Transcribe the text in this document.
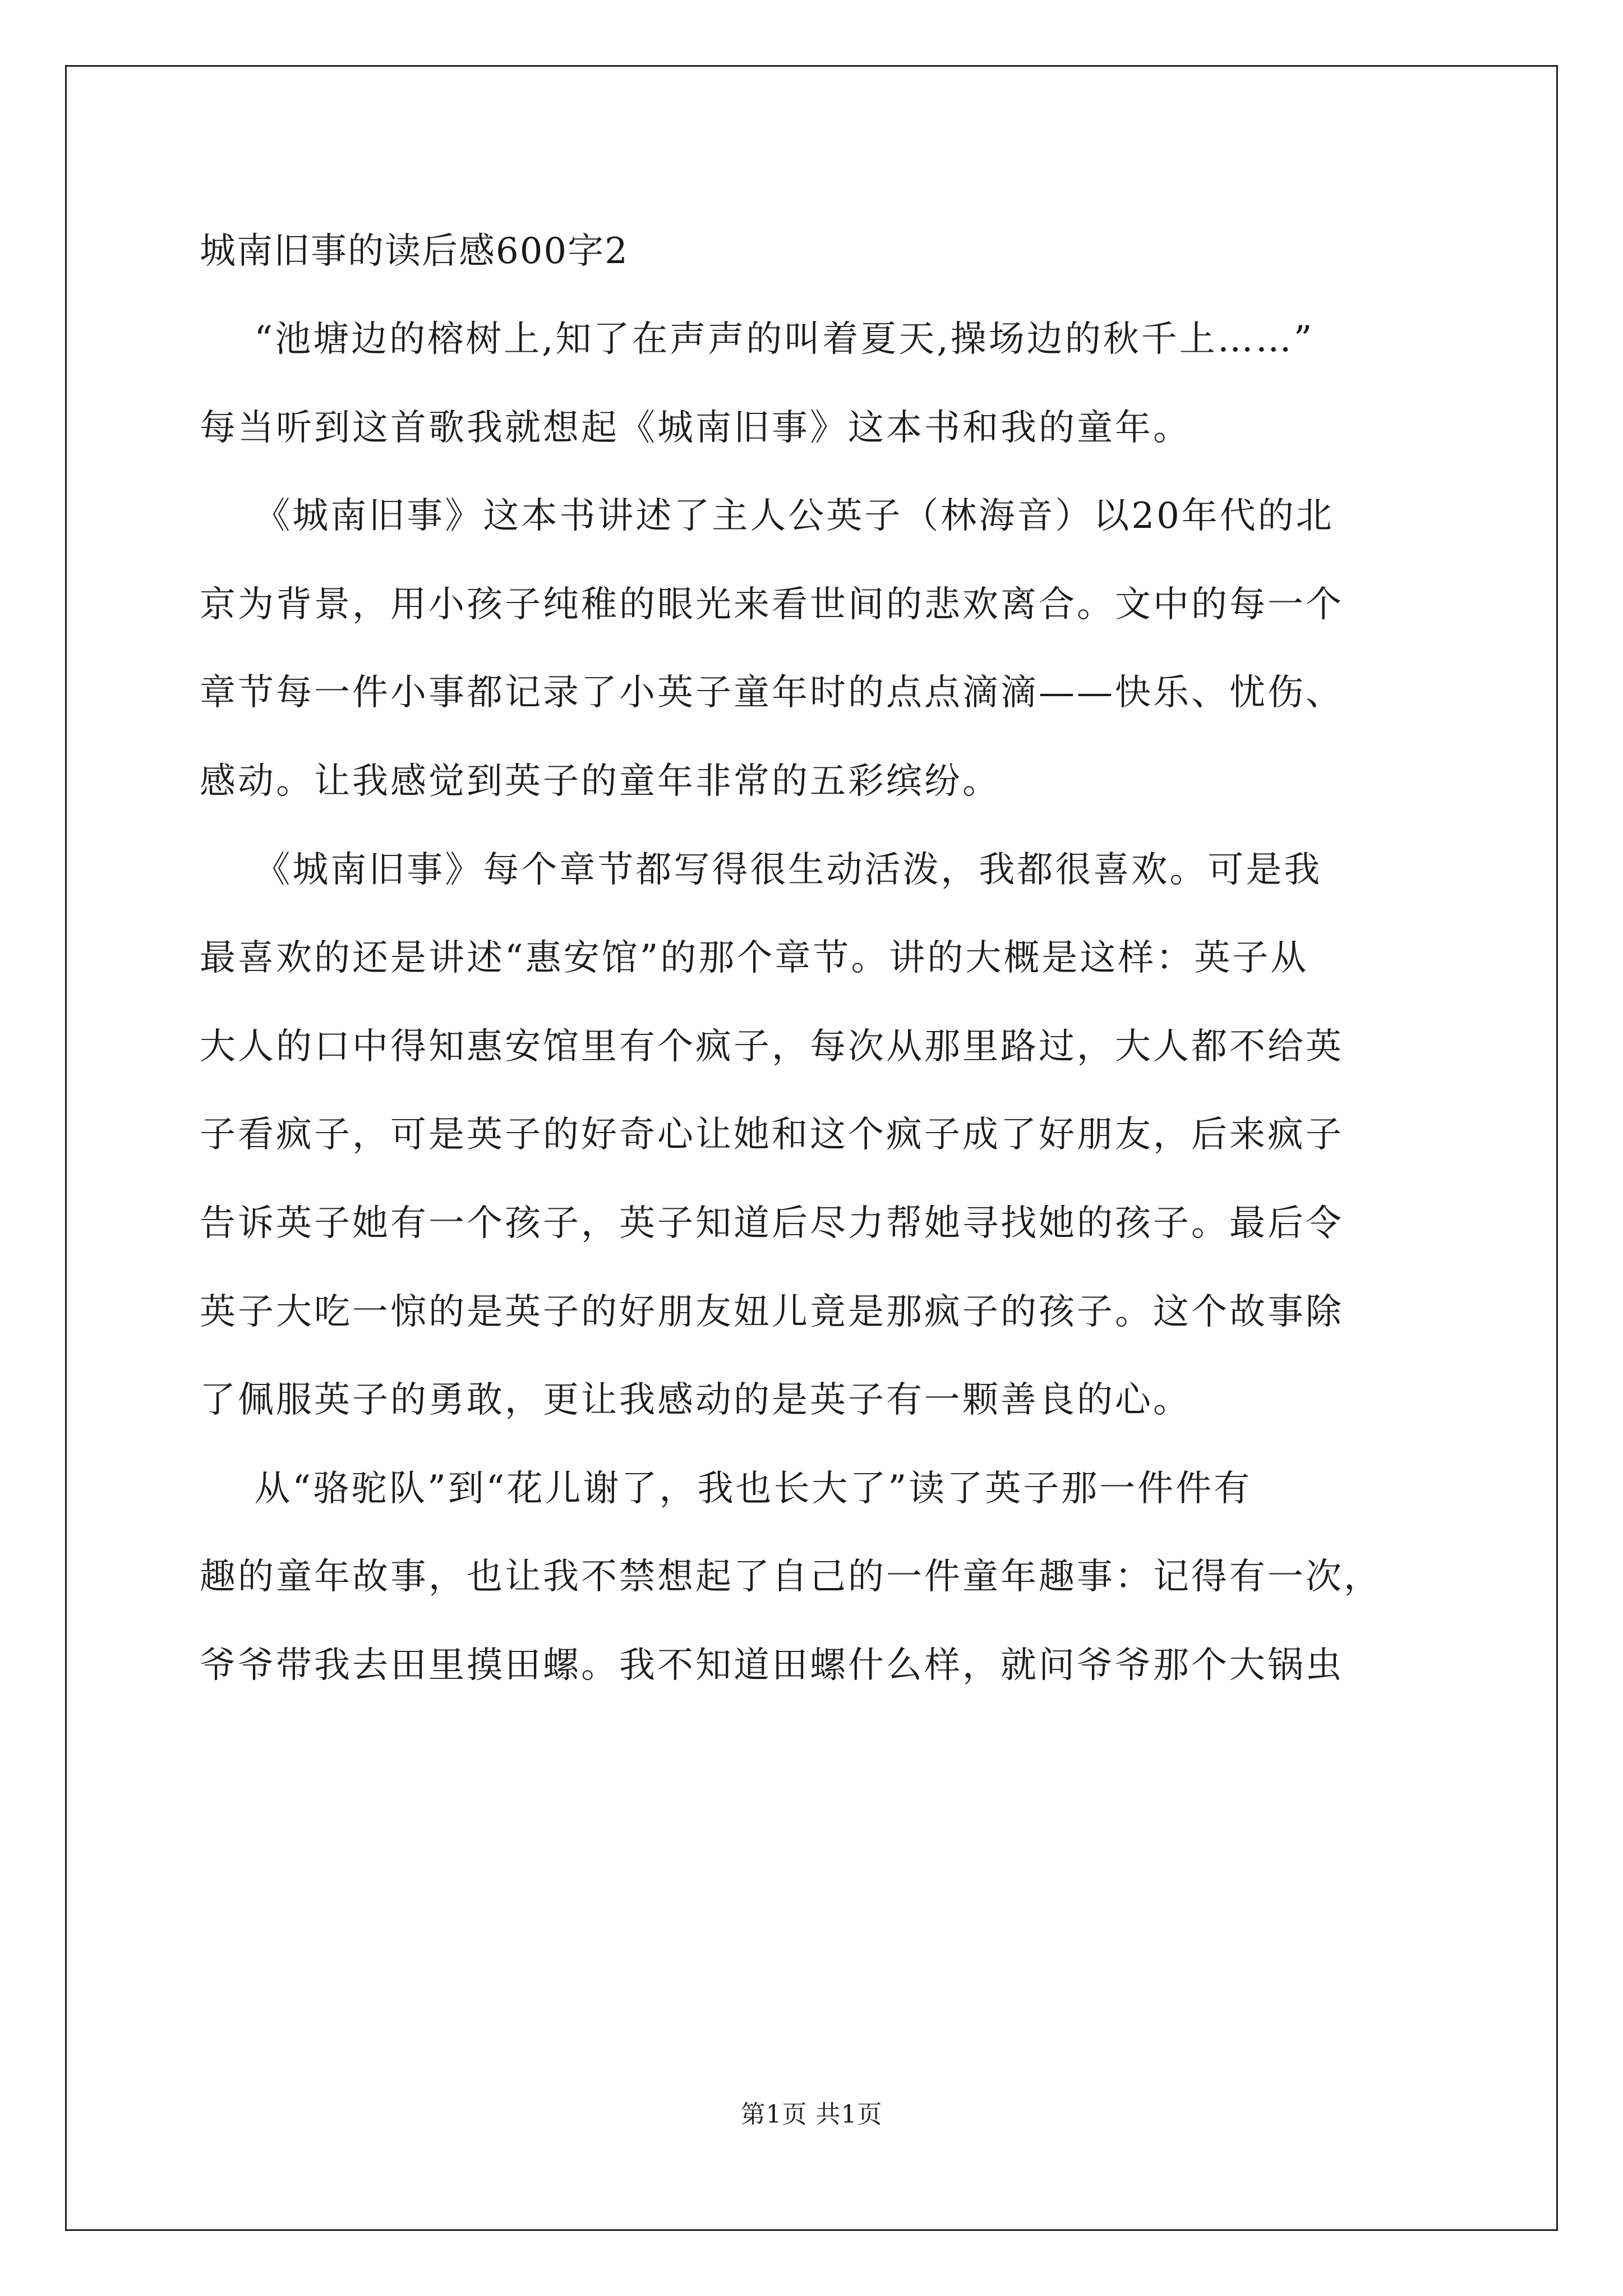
城南旧事的读后感600字2
“池塘边的榕树上,知了在声声的叫着夏天,操场边的秋千上……”
每当听到这首歌我就想起《城南旧事》这本书和我的童年。
《城南旧事》这本书讲述了主人公英子（林海音）以20年代的北
京为背景，用小孩子纯稚的眼光来看世间的悲欢离合。文中的每一个
章节每一件小事都记录了小英子童年时的点点滴滴——快乐、忧伤、
感动。让我感觉到英子的童年非常的五彩缤纷。
《城南旧事》每个章节都写得很生动活泼，我都很喜欢。可是我
最喜欢的还是讲述“惠安馆”的那个章节。讲的大概是这样：英子从
大人的口中得知惠安馆里有个疯子，每次从那里路过，大人都不给英
子看疯子，可是英子的好奇心让她和这个疯子成了好朋友，后来疯子
告诉英子她有一个孩子，英子知道后尽力帮她寻找她的孩子。最后令
英子大吃一惊的是英子的好朋友妞儿竟是那疯子的孩子。这个故事除
了佩服英子的勇敢，更让我感动的是英子有一颗善良的心。
从“骆驼队”到“花儿谢了，我也长大了”读了英子那一件件有
趣的童年故事，也让我不禁想起了自己的一件童年趣事：记得有一次，
爷爷带我去田里摸田螺。我不知道田螺什么样，就问爷爷那个大锅虫
第1页 共1页
